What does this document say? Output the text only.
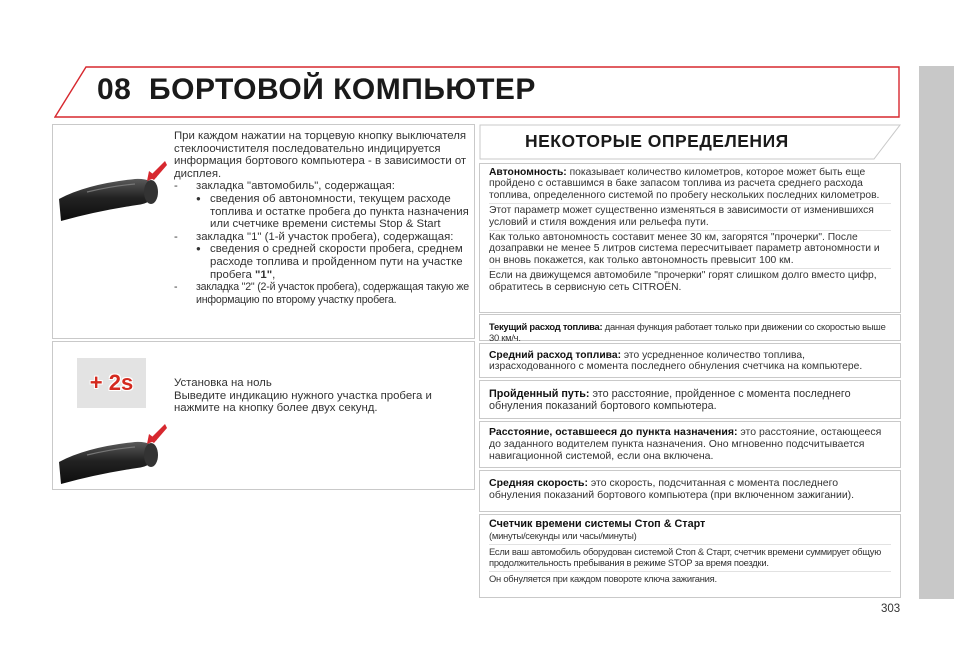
08 БОРТОВОЙ КОМПЬЮТЕР

При каждом нажатии на торцевую кнопку выключателя стеклоочистителя последовательно индицируется информация бортового компьютера - в зависимости от дисплея.

- закладка "автомобиль", содержащая:

● сведения об автономности, текущем расходе топлива и остатке пробега до пункта назначения или счетчике времени системы Stop & Start

- закладка "1" (1-й участок пробега), содержащая:

● сведения о средней скорости пробега, среднем расходе топлива и пройденном пути на участке пробега "1",

- закладка "2" (2-й участок пробега), содержащая такую же информацию по второму участку пробега.

+ 2s	Установка на ноль

Выведите индикацию нужного участка пробега и нажмите на кнопку более двух секунд.

НЕКОТОРЫЕ ОПРЕДЕЛЕНИЯ

Автономность: показывает количество километров, которое может быть еще пройдено с оставшимся в баке запасом топлива из расчета среднего расхода топлива, определенного системой по пробегу нескольких последних километров.

Этот параметр может существенно изменяться в зависимости от изменившихся условий и стиля вождения или рельефа пути.

Как только автономность составит менее 30 км, загорятся "прочерки". После дозаправки не менее 5 литров система пересчитывает параметр автономности и он вновь покажется, как только автономность превысит 100 км.

Если на движущемся автомобиле "прочерки" горят слишком долго вместо цифр, обратитесь в сервисную сеть CITROËN.

Текущий расход топлива: данная функция работает только при движении со скоростью выше 30 км/ч.

Средний расход топлива: это усредненное количество топлива, израсходованного с момента последнего обнуления счетчика на компьютере.

Пройденный путь: это расстояние, пройденное с момента последнего обнуления показаний бортового компьютера.

Расстояние, оставшееся до пункта назначения: это расстояние, остающееся до заданного водителем пункта назначения. Оно мгновенно подсчитывается навигационной системой, если она включена.

Средняя скорость: это скорость, подсчитанная с момента последнего обнуления показаний бортового компьютера (при включенном зажигании).

Счетчик времени системы Стоп & Старт

(минуты/секунды или часы/минуты)

Если ваш автомобиль оборудован системой Стоп & Старт, счетчик времени суммирует общую продолжительность пребывания в режиме STOP за время поездки.

Он обнуляется при каждом повороте ключа зажигания.

303
